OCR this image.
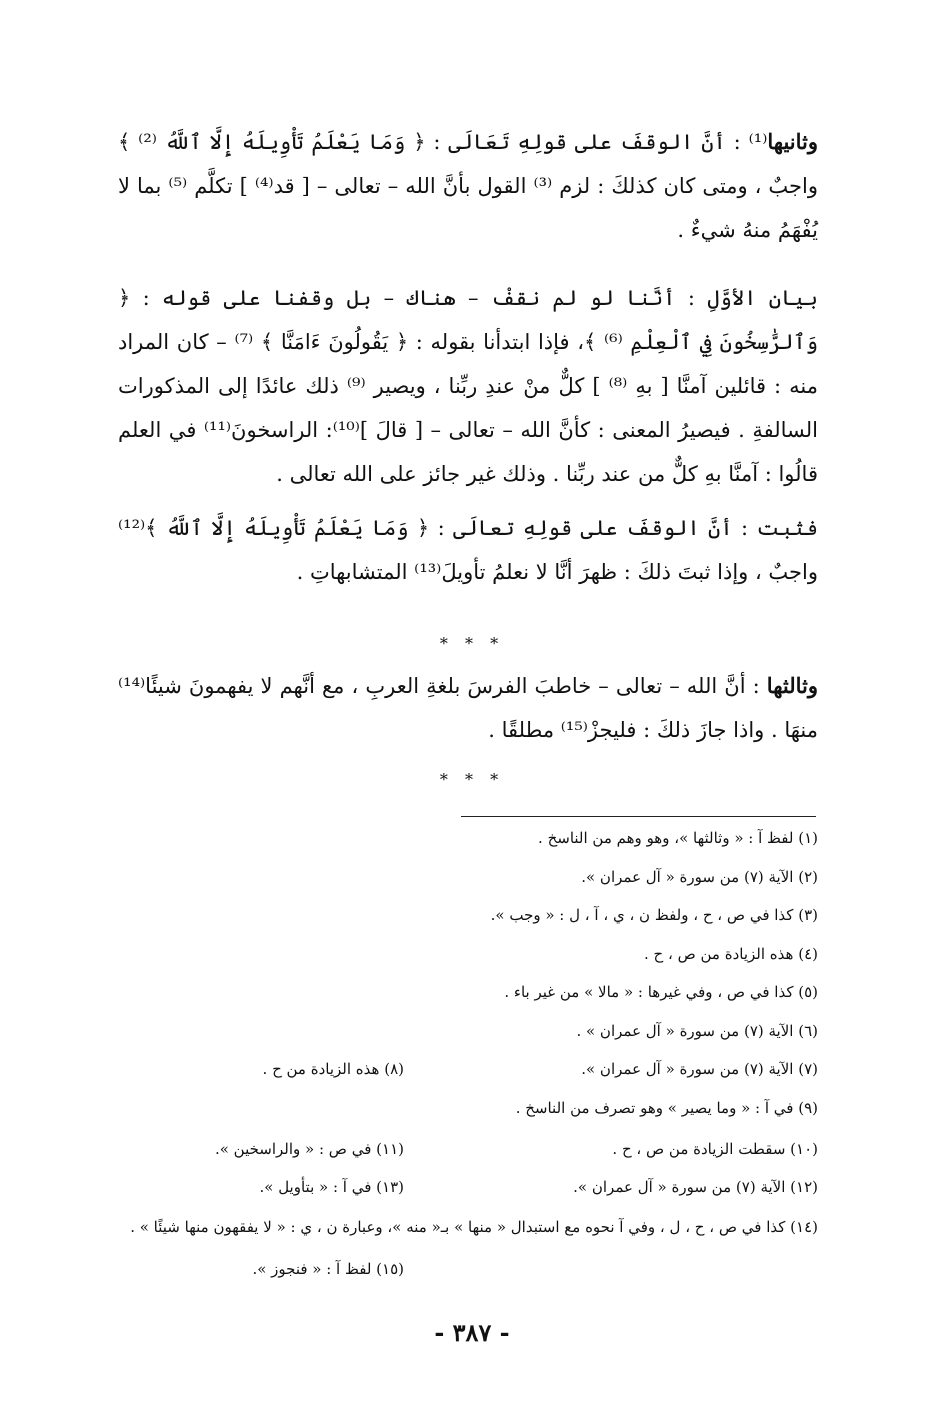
وثانيها⁽¹⁾ : أنَّ الوقفَ على قولِهِ تَعَالَى : ﴿ وَمَا يَعْلَمُ تَأْوِيلَهُ إِلَّا ٱللَّهُ ⁽²⁾ ﴾ واجبٌ ، ومتى كان كذلكَ : لزم ⁽³⁾ القول بأنَّ الله – تعالى – [ قد⁽⁴⁾ ] تكلَّم ⁽⁵⁾ بما لا يُفْهَمُ منهُ شيءٌ .
بيان الأوَّلِ : أنَّنا لو لم نقفْ – هناك – بل وقفنا على قوله : ﴿ وَٱلرَّٰسِخُونَ فِي ٱلْعِلْمِ ⁽⁶⁾ ﴾، فإذا ابتدأنا بقوله : ﴿ يَقُولُونَ ءَامَنَّا ﴾ ⁽⁷⁾ – كان المراد منه : قائلين آمنَّا [ بهِ ⁽⁸⁾ ] كلٌّ منْ عندِ ربِّنا ، ويصير ⁽⁹⁾ ذلك عائدًا إلى المذكورات السالفةِ . فيصيرُ المعنى : كأنَّ الله – تعالى – [ قالَ ]⁽¹⁰⁾: الراسخونَ⁽¹¹⁾ في العلم قالُوا : آمنَّا بهِ كلٌّ من عند ربِّنا . وذلك غير جائز على الله تعالى .
فثبت : أنَّ الوقفَ على قولِهِ تعالَى : ﴿ وَمَا يَعْلَمُ تَأْوِيلَهُ إِلَّا ٱللَّهُ ﴾⁽¹²⁾ واجبٌ ، وإذا ثبتَ ذلكَ : ظهرَ أنَّا لا نعلمُ تأويلَ⁽¹³⁾ المتشابهاتِ .
* * *
وثالثها : أنَّ الله – تعالى – خاطبَ الفرسَ بلغةِ العربِ ، مع أنَّهم لا يفهمونَ شيئًا⁽¹⁴⁾ منهَا . واذا جازَ ذلكَ : فليجزْ⁽¹⁵⁾ مطلقًا .
* * *
(١) لفظ آ : « وثالثها »، وهو وهم من الناسخ .
(٢) الآية (٧) من سورة « آل عمران ».
(٣) كذا في ص ، ح ، ولفظ ن ، ي ، آ ، ل : « وجب ».
(٤) هذه الزيادة من ص ، ح .
(٥) كذا في ص ، وفي غيرها : « مالا » من غير باء .
(٦) الآية (٧) من سورة « آل عمران » .
(٧) الآية (٧) من سورة « آل عمران ».
(٨) هذه الزيادة من ح .
(٩) في آ : « وما يصير » وهو تصرف من الناسخ .
(١٠) سقطت الزيادة من ص ، ح .
(١١) في ص : « والراسخين ».
(١٢) الآية (٧) من سورة « آل عمران ».
(١٣) في آ : « بتأويل ».
(١٤) كذا في ص ، ح ، ل ، وفي آ نحوه مع استبدال « منها » بـ« منه »، وعبارة ن ، ي : « لا يفقهون منها شيئًا » .
(١٥) لفظ آ : « فنجوز ».
- ٣٨٧ -
